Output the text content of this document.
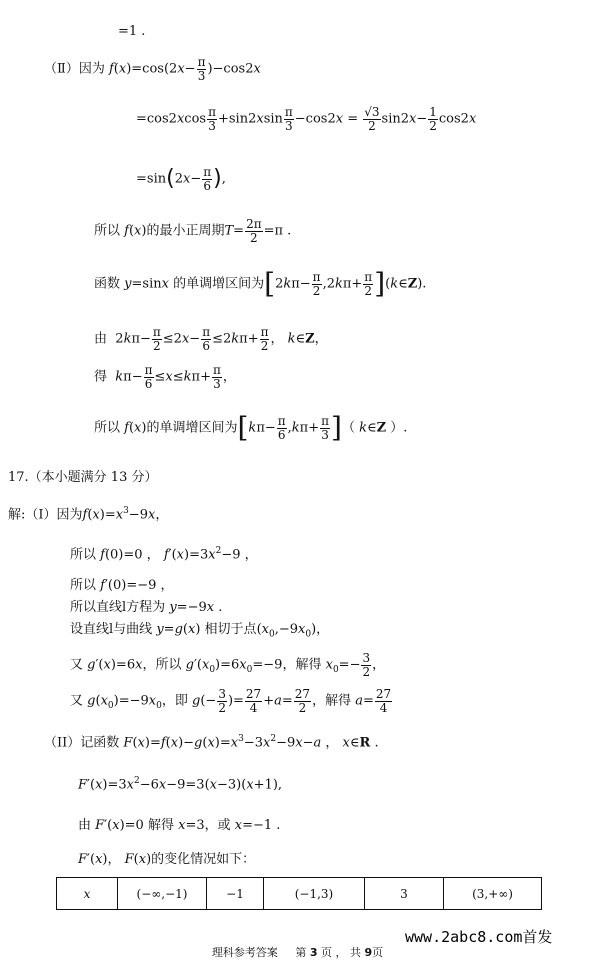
=1 .
（Ⅱ）因为 $f(x)=\cos(2x- \frac{\pi}{3} )-\cos 2x$
$=\cos 2xcos \frac{\pi}{3} +\sin 2xsin \frac{\pi}{3} -\cos 2x = \frac{√3}{2} \sin 2x- \frac{1}{2} \cos 2x$
$=\sin(2x- \frac{\pi}{6}$ ),
所以 f(x)的最小正周期$T= \frac{2\pi}{2} =\pi$ .
函数 y=sinx 的单调增区间为[$2k\pi- \frac{\pi}{2} ,2k\pi+ \frac{\pi}{2}$ ](k∈Z).
由  $2k\pi- \frac{\pi}{2} \le 2x- \frac{\pi}{6} \le 2k\pi+ \frac{\pi}{2}$ ， k∈Z，
得 $k\pi- \frac{\pi}{6} \le x\le k\pi+ \frac{\pi}{3}$ ，
所以 f(x)的单调增区间为[$k\pi- \frac{\pi}{6} ,k\pi+ \frac{\pi}{3}$ ]（ k∈Z ）.
17.（本小题满分 13 分）
解:（I）因为$f(x)=x^3-9x$，
所以 f(0)=0 ， $f'(x)=3x^2-9$ ，
所以 f′(0)=−9 ，
所以直线l方程为 y=−9x .
设直线l与曲线 y=g(x) 相切于点$(x_0,-9x_0)$，
又 g′(x)=6x，所以 $g'(x_0)=6x_0=-9$，解得 $x_0=- \frac{3}{2}$ ，
又 $g(x_0)=-9x_0$，即 $g(- \frac{3}{2}$ )= $\frac{27}{4} +a= \frac{27}{2}$ ，解得 $a= \frac{27}{4}$
（II）记函数 $F(x)=f(x)-g(x)=x^3-3x^2-9x-a$ ， x∈R .
$F'(x)=3x^2-6x-9=3(x-3)(x+1)$,
由 F′(x)=0 解得 x=3，或 x=−1 .
F′(x)， F(x)的变化情况如下：
x	(−∞,−1)	−1	(−1,3)	3	(3,+∞)
www.2abc8.com首发
理科参考答案 第 3 页 ， 共 9页
